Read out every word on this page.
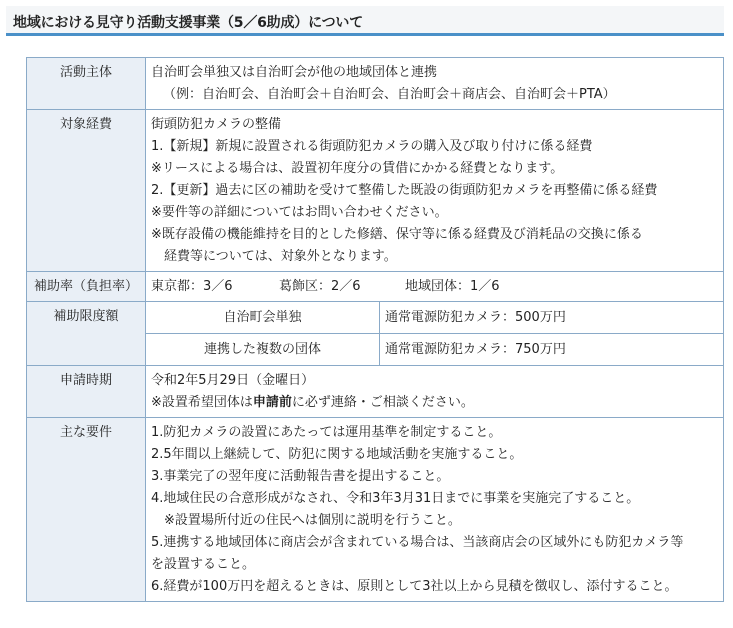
地域における見守り活動支援事業（5／6助成）について
活動主体	自治町会単独又は自治町会が他の地域団体と連携
（例：自治町会、自治町会＋自治町会、自治町会＋商店会、自治町会＋PTA）

対象経費	街頭防犯カメラの整備
1.【新規】新規に設置される街頭防犯カメラの購入及び取り付けに係る経費
※リースによる場合は、設置初年度分の賃借にかかる経費となります。
2.【更新】過去に区の補助を受けて整備した既設の街頭防犯カメラを再整備に係る経費
※要件等の詳細についてはお問い合わせください。
※既存設備の機能維持を目的とした修繕、保守等に係る経費及び消耗品の交換に係る
経費等については、対象外となります。

補助率（負担率）	東京都：3／6	葛飾区：2／6	地域団体：1／6
補助限度額		自治町会単独	通常電源防犯カメラ：500万円
連携した複数の団体	通常電源防犯カメラ：750万円

申請時期	令和2年5月29日（金曜日）
※設置希望団体は申請前に必ず連絡・ご相談ください。

主な要件	1.防犯カメラの設置にあたっては運用基準を制定すること。
2.5年間以上継続して、防犯に関する地域活動を実施すること。
3.事業完了の翌年度に活動報告書を提出すること。
4.地域住民の合意形成がなされ、令和3年3月31日までに事業を実施完了すること。
※設置場所付近の住民へは個別に説明を行うこと。
5.連携する地域団体に商店会が含まれている場合は、当該商店会の区域外にも防犯カメラ等
を設置すること。
6.経費が100万円を超えるときは、原則として3社以上から見積を徴収し、添付すること。
